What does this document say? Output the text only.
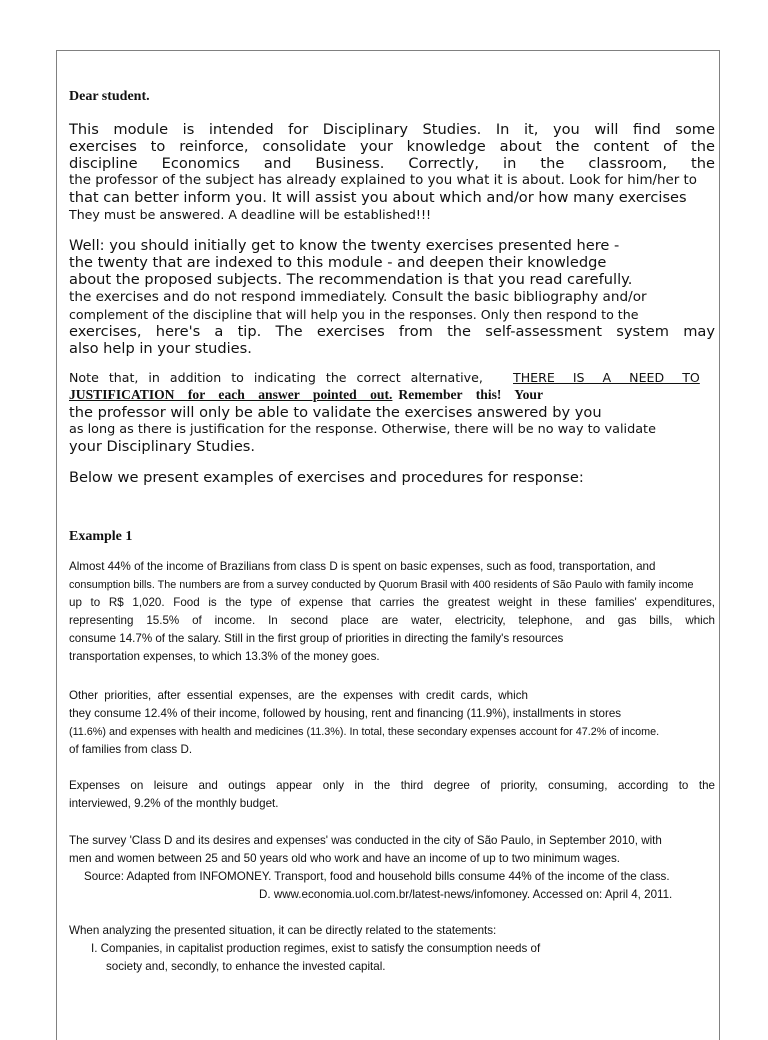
Dear student.
This module is intended for Disciplinary Studies. In it, you will find some
exercises to reinforce, consolidate your knowledge about the content of the
discipline Economics and Business. Correctly, in the classroom, the
the professor of the subject has already explained to you what it is about. Look for him/her to
that can better inform you. It will assist you about which and/or how many exercises
They must be answered. A deadline will be established!!!
Well: you should initially get to know the twenty exercises presented here -
the twenty that are indexed to this module - and deepen their knowledge
about the proposed subjects. The recommendation is that you read carefully.
the exercises and do not respond immediately. Consult the basic bibliography and/or
complement of the discipline that will help you in the responses. Only then respond to the
exercises, here's a tip. The exercises from the self-assessment system may
also help in your studies.
Note that, in addition to indicating the correct alternative, THERE IS A NEED TO
JUSTIFICATION for each answer pointed out. Remember this! Your
the professor will only be able to validate the exercises answered by you
as long as there is justification for the response. Otherwise, there will be no way to validate
your Disciplinary Studies.
Below we present examples of exercises and procedures for response:
Example 1
Almost 44% of the income of Brazilians from class D is spent on basic expenses, such as food, transportation, and
consumption bills. The numbers are from a survey conducted by Quorum Brasil with 400 residents of São Paulo with family income
up to R$ 1,020. Food is the type of expense that carries the greatest weight in these families' expenditures,
representing 15.5% of income. In second place are water, electricity, telephone, and gas bills, which
consume 14.7% of the salary. Still in the first group of priorities in directing the family's resources
transportation expenses, to which 13.3% of the money goes.
Other priorities, after essential expenses, are the expenses with credit cards, which
they consume 12.4% of their income, followed by housing, rent and financing (11.9%), installments in stores
(11.6%) and expenses with health and medicines (11.3%). In total, these secondary expenses account for 47.2% of income.
of families from class D.
Expenses on leisure and outings appear only in the third degree of priority, consuming, according to the
interviewed, 9.2% of the monthly budget.
The survey 'Class D and its desires and expenses' was conducted in the city of São Paulo, in September 2010, with
men and women between 25 and 50 years old who work and have an income of up to two minimum wages.
Source: Adapted from INFOMONEY. Transport, food and household bills consume 44% of the income of the class.
D. www.economia.uol.com.br/latest-news/infomoney. Accessed on: April 4, 2011.
When analyzing the presented situation, it can be directly related to the statements:
I. Companies, in capitalist production regimes, exist to satisfy the consumption needs of
society and, secondly, to enhance the invested capital.
